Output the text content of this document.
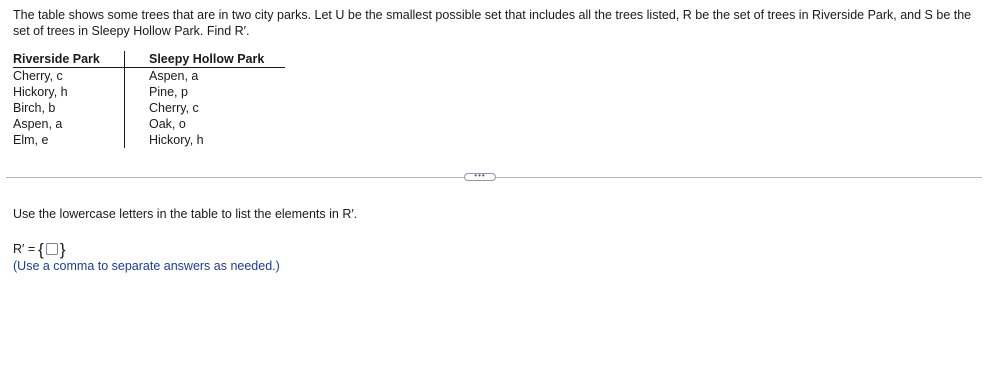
The table shows some trees that are in two city parks. Let U be the smallest possible set that includes all the trees listed, R be the set of trees in Riverside Park, and S be the set of trees in Sleepy Hollow Park. Find R′.
Riverside Park
Cherry, c
Hickory, h
Birch, b
Aspen, a
Elm, e
Sleepy Hollow Park
Aspen, a
Pine, p
Cherry, c
Oak, o
Hickory, h
•••
Use the lowercase letters in the table to list the elements in R′.
R′ = { }
(Use a comma to separate answers as needed.)
